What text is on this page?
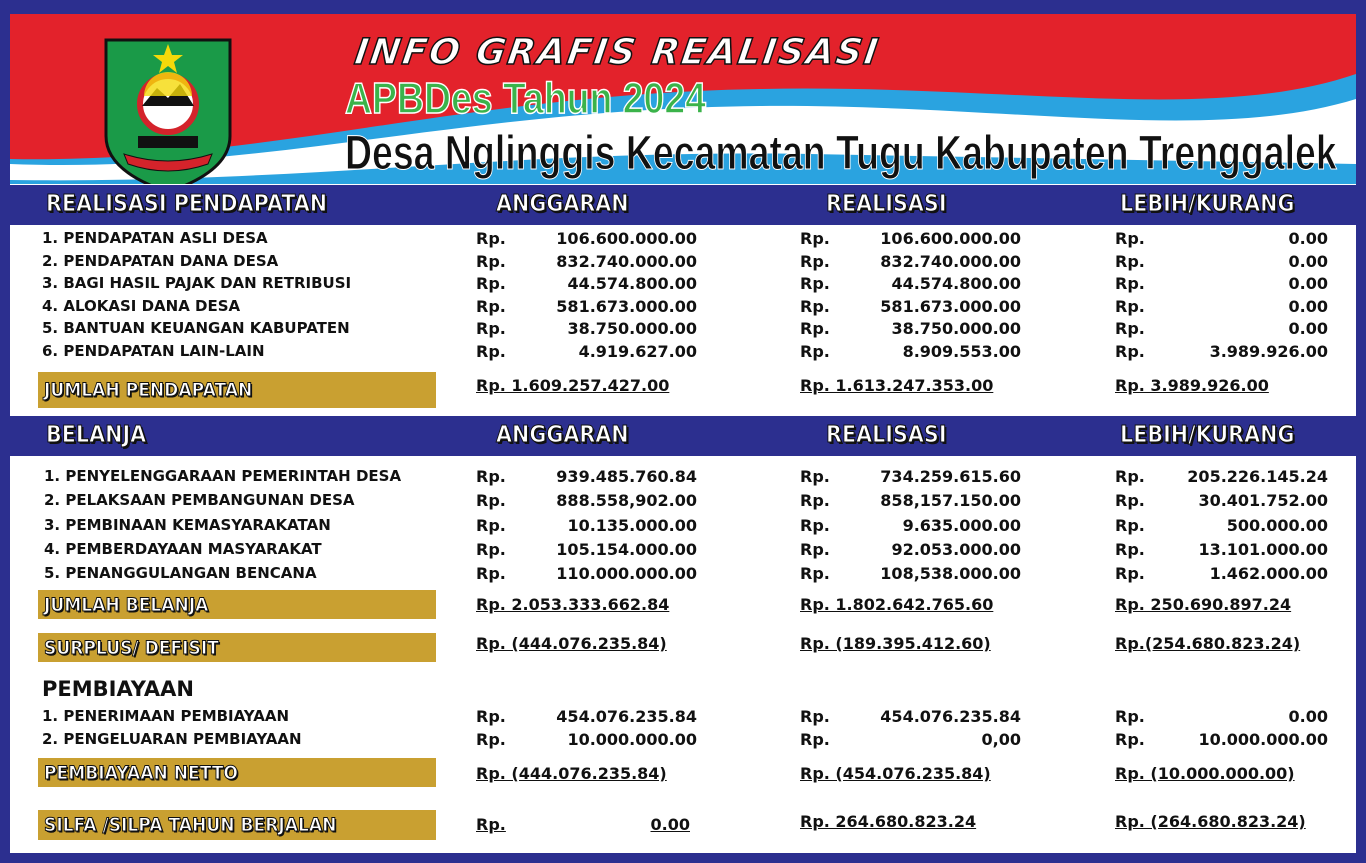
INFO GRAFIS REALISASI
APBDes Tahun 2024
Desa Nglinggis Kecamatan Tugu Kabupaten Trenggalek
REALISASI PENDAPATAN	ANGGARAN	REALISASI	LEBIH/KURANG
1. PENDAPATAN ASLI DESA	Rp.	106.600.000.00	Rp.	106.600.000.00	Rp.	0.00
2. PENDAPATAN DANA DESA	Rp.	832.740.000.00	Rp.	832.740.000.00	Rp.	0.00
3. BAGI HASIL PAJAK DAN RETRIBUSI	Rp.	44.574.800.00	Rp.	44.574.800.00	Rp.	0.00
4. ALOKASI DANA DESA	Rp.	581.673.000.00	Rp.	581.673.000.00	Rp.	0.00
5. BANTUAN KEUANGAN KABUPATEN	Rp.	38.750.000.00	Rp.	38.750.000.00	Rp.	0.00
6. PENDAPATAN LAIN-LAIN	Rp.	4.919.627.00	Rp.	8.909.553.00	Rp.	3.989.926.00
JUMLAH PENDAPATAN	Rp. 1.609.257.427.00	Rp. 1.613.247.353.00	Rp. 3.989.926.00
BELANJA	ANGGARAN	REALISASI	LEBIH/KURANG
1. PENYELENGGARAAN PEMERINTAH DESA	Rp.	939.485.760.84	Rp.	734.259.615.60	Rp.	205.226.145.24
2. PELAKSAAN PEMBANGUNAN DESA	Rp.	888.558,902.00	Rp.	858,157.150.00	Rp.	30.401.752.00
3. PEMBINAAN KEMASYARAKATAN	Rp.	10.135.000.00	Rp.	9.635.000.00	Rp.	500.000.00
4. PEMBERDAYAAN MASYARAKAT	Rp.	105.154.000.00	Rp.	92.053.000.00	Rp.	13.101.000.00
5. PENANGGULANGAN BENCANA	Rp.	110.000.000.00	Rp.	108,538.000.00	Rp.	1.462.000.00
JUMLAH BELANJA	Rp. 2.053.333.662.84	Rp. 1.802.642.765.60	Rp. 250.690.897.24
SURPLUS/ DEFISIT	Rp. (444.076.235.84)	Rp. (189.395.412.60)	Rp.(254.680.823.24)
PEMBIAYAAN
1. PENERIMAAN PEMBIAYAAN	Rp.	454.076.235.84	Rp.	454.076.235.84	Rp.	0.00
2. PENGELUARAN PEMBIAYAAN	Rp.	10.000.000.00	Rp.	0,00	Rp.	10.000.000.00
PEMBIAYAAN NETTO	Rp. (444.076.235.84)	Rp. (454.076.235.84)	Rp. (10.000.000.00)
SILFA /SILPA TAHUN BERJALAN	Rp.	0.00	Rp. 264.680.823.24	Rp. (264.680.823.24)
